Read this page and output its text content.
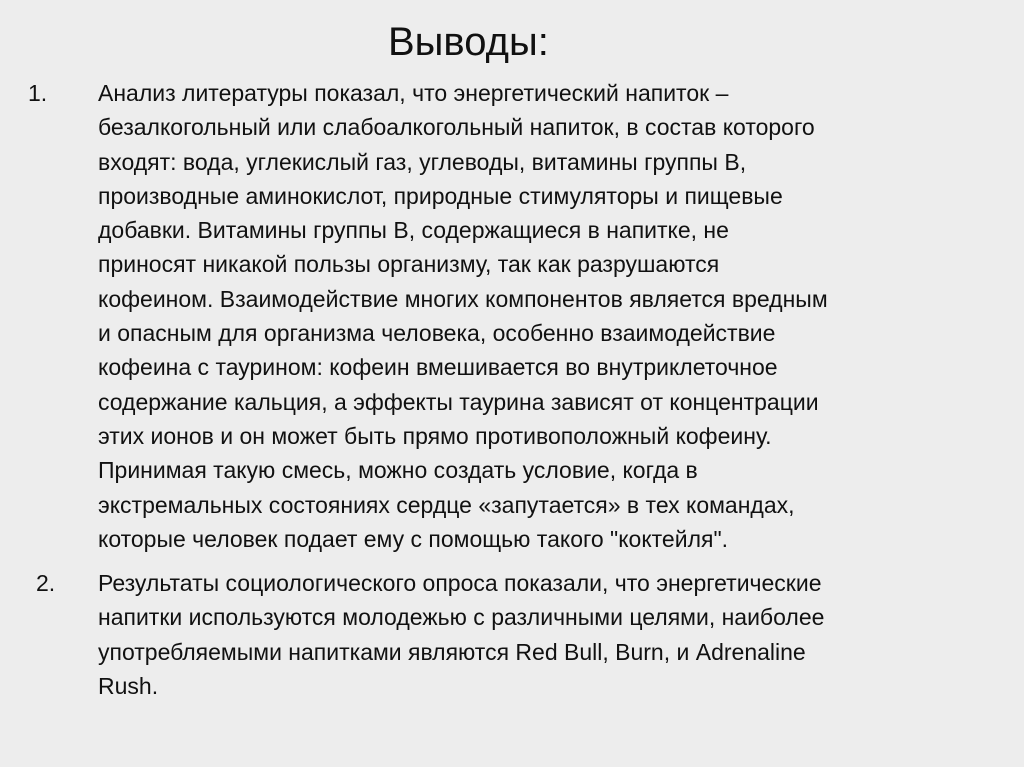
Выводы:
1. Анализ литературы показал, что энергетический напиток –
безалкогольный или слабоалкогольный напиток, в состав которого
входят: вода, углекислый газ, углеводы, витамины группы В,
производные аминокислот, природные стимуляторы и пищевые
добавки. Витамины группы В, содержащиеся в напитке, не
приносят никакой пользы организму, так как разрушаются
кофеином. Взаимодействие многих компонентов является вредным
и опасным для организма человека, особенно взаимодействие
кофеина с таурином: кофеин вмешивается во внутриклеточное
содержание кальция, а эффекты таурина зависят от концентрации
этих ионов и он может быть прямо противоположный кофеину.
Принимая такую смесь, можно создать условие, когда в
экстремальных состояниях сердце «запутается» в тех командах,
которые человек подает ему с помощью такого "коктейля".
2. Результаты социологического опроса показали, что энергетические
напитки используются молодежью с различными целями, наиболее
употребляемыми напитками являются Red Bull, Burn, и Adrenaline
Rush.
